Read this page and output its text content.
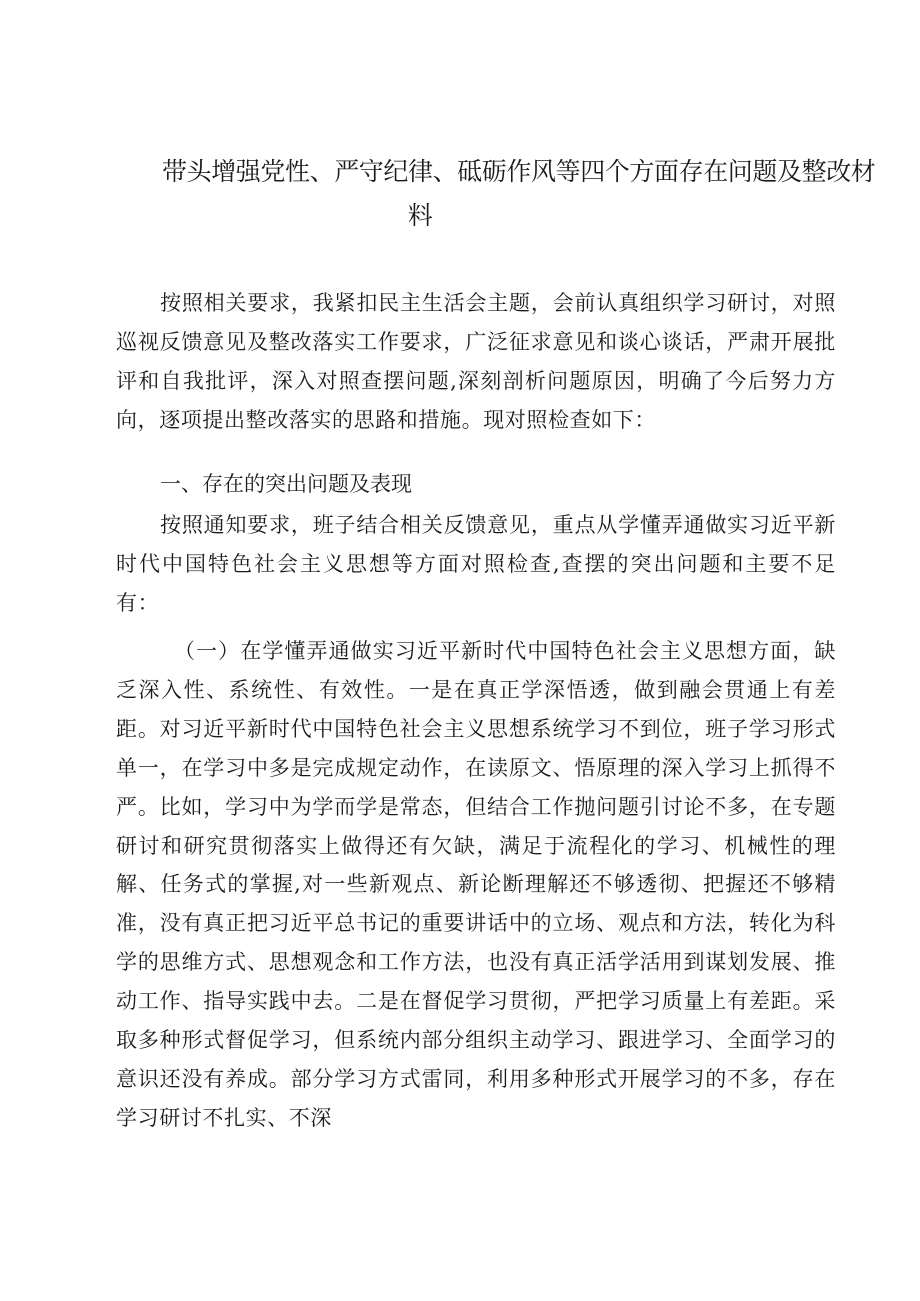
带头增强党性、严守纪律、砥砺作风等四个方面存在问题及整改材
料

按照相关要求，我紧扣民主生活会主题，会前认真组织学习研讨，对照巡视反馈意见及整改落实工作要求，广泛征求意见和谈心谈话，严肃开展批评和自我批评，深入对照查摆问题,深刻剖析问题原因，明确了今后努力方向，逐项提出整改落实的思路和措施。现对照检查如下：

一、存在的突出问题及表现

按照通知要求，班子结合相关反馈意见，重点从学懂弄通做实习近平新时代中国特色社会主义思想等方面对照检查,查摆的突出问题和主要不足有：

（一）在学懂弄通做实习近平新时代中国特色社会主义思想方面，缺乏深入性、系统性、有效性。一是在真正学深悟透，做到融会贯通上有差距。对习近平新时代中国特色社会主义思想系统学习不到位，班子学习形式单一，在学习中多是完成规定动作，在读原文、悟原理的深入学习上抓得不严。比如，学习中为学而学是常态，但结合工作抛问题引讨论不多，在专题研讨和研究贯彻落实上做得还有欠缺，满足于流程化的学习、机械性的理解、任务式的掌握,对一些新观点、新论断理解还不够透彻、把握还不够精准，没有真正把习近平总书记的重要讲话中的立场、观点和方法，转化为科学的思维方式、思想观念和工作方法，也没有真正活学活用到谋划发展、推动工作、指导实践中去。二是在督促学习贯彻，严把学习质量上有差距。采取多种形式督促学习，但系统内部分组织主动学习、跟进学习、全面学习的意识还没有养成。部分学习方式雷同，利用多种形式开展学习的不多，存在学习研讨不扎实、不深
